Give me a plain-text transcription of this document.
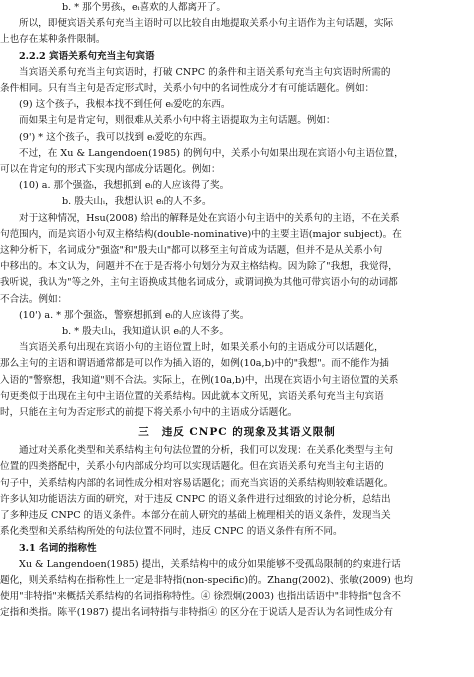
b. * 那个男孩ᵢ，eᵢ喜欢的人都离开了。

所以，即便宾语关系句充当主语时可以比较自由地提取关系小句主语作为主句话题，实际

上也存在某种条件限制。

2.2.2 宾语关系句充当主句宾语

当宾语关系句充当主句宾语时，打破 CNPC 的条件和主语关系句充当主句宾语时所需的

条件相同。只有当主句是否定形式时，关系小句中的名词性成分才有可能话题化。例如：

(9) 这个孩子ᵢ，我根本找不到任何 eᵢ爱吃的东西。

而如果主句是肯定句，则很难从关系小句中将主语提取为主句话题。例如：

(9') * 这个孩子ᵢ，我可以找到 eᵢ爱吃的东西。

不过，在 Xu & Langendoen(1985) 的例句中，关系小句如果出现在宾语小句主语位置，

可以在肯定句的形式下实现内部成分话题化。例如：

(10) a. 那个强盗ᵢ，我想抓到 eᵢ的人应该得了奖。

b. 殷夫山ᵢ，我想认识 eᵢ的人不多。

对于这种情况，Hsu(2008) 给出的解释是处在宾语小句主语中的关系句的主语，不在关系

句范围内，而是宾语小句双主格结构(double-nominative)中的主要主语(major subject)。在

这种分析下，名词成分"强盗"和"殷夫山"都可以移至主句首成为话题，但并不是从关系小句

中移出的。本文认为，问题并不在于是否将小句划分为双主格结构。因为除了"我想，我觉得，

我听说，我认为"等之外，主句主语换成其他名词成分，或谓词换为其他可带宾语小句的动词都

不合法。例如：

(10') a. * 那个强盗ᵢ，警察想抓到 eᵢ的人应该得了奖。

b. * 殷夫山ᵢ，我知道认识 eᵢ的人不多。

当宾语关系句出现在宾语小句的主语位置上时，如果关系小句的主语成分可以话题化，

那么主句的主语和谓语通常都是可以作为插入语的，如例(10a,b)中的"我想"。而不能作为插

入语的"警察想，我知道"则不合法。实际上，在例(10a,b)中，出现在宾语小句主语位置的关系

句更类似于出现在主句中主语位置的关系结构。因此就本文所见，宾语关系句充当主句宾语

时，只能在主句为否定形式的前提下将关系小句中的主语成分话题化。

三 违反 CNPC 的现象及其语义限制

通过对关系化类型和关系结构主句句法位置的分析，我们可以发现：在关系化类型与主句

位置的四类搭配中，关系小句内部成分均可以实现话题化。但在宾语关系句充当主句主语的

句子中，关系结构内部的名词性成分相对容易话题化；而充当宾语的关系结构则较难话题化。

许多认知功能语法方面的研究，对于违反 CNPC 的语义条件进行过细致的讨论分析，总结出

了多种违反 CNPC 的语义条件。本部分在前人研究的基础上梳理相关的语义条件，发现当关

系化类型和关系结构所处的句法位置不同时，违反 CNPC 的语义条件有所不同。

3.1 名词的指称性

Xu & Langendoen(1985) 提出，关系结构中的成分如果能够不受孤岛限制的约束进行话

题化，则关系结构在指称性上一定是非特指(non-specific)的。Zhang(2002)、张敏(2009) 也均

使用"非特指"来概括关系结构的名词指称特性。④ 徐烈炯(2003) 也指出话语中"非特指"包含不

定指和类指。陈平(1987) 提出名词特指与非特指④ 的区分在于说话人是否认为名词性成分有
